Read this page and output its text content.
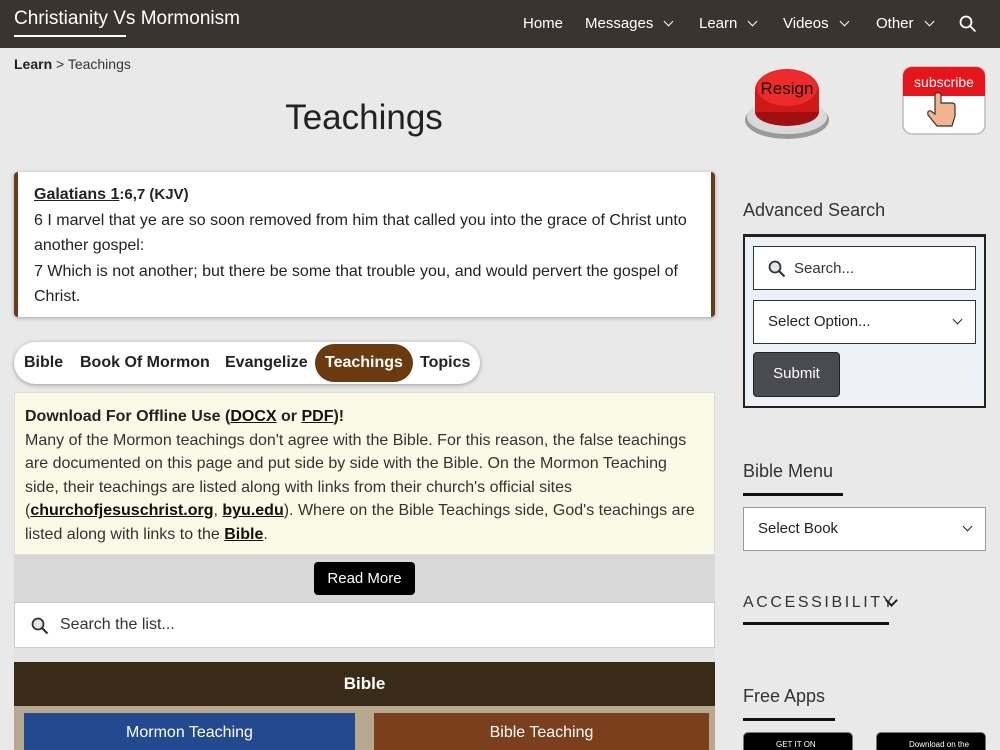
Christianity Vs Mormonism	Home Messages	Learn	Videos	Other
Learn > Teachings
Teachings
Resign	subscribe
Galatians 1:6,7 (KJV)
6 I marvel that ye are so soon removed from him that called you into the grace of Christ unto another gospel:
7 Which is not another; but there be some that trouble you, and would pervert the gospel of Christ.
Bible	Book Of Mormon Evangelize	Teachings	Topics
Download For Offline Use (DOCX or PDF)!
Many of the Mormon teachings don't agree with the Bible. For this reason, the false teachings are documented on this page and put side by side with the Bible. On the Mormon Teaching side, their teachings are listed along with links from their church's official sites (churchofjesuschrist.org, byu.edu). Where on the Bible Teachings side, God's teachings are listed along with links to the Bible.
Read More
Search the list...
Bible
Mormon Teaching	Bible Teaching
Advanced Search
Search...
Select Option...
Submit
Bible Menu
Select Book
ACCESSIBILITY
Free Apps
GET IT ON	Download on the
